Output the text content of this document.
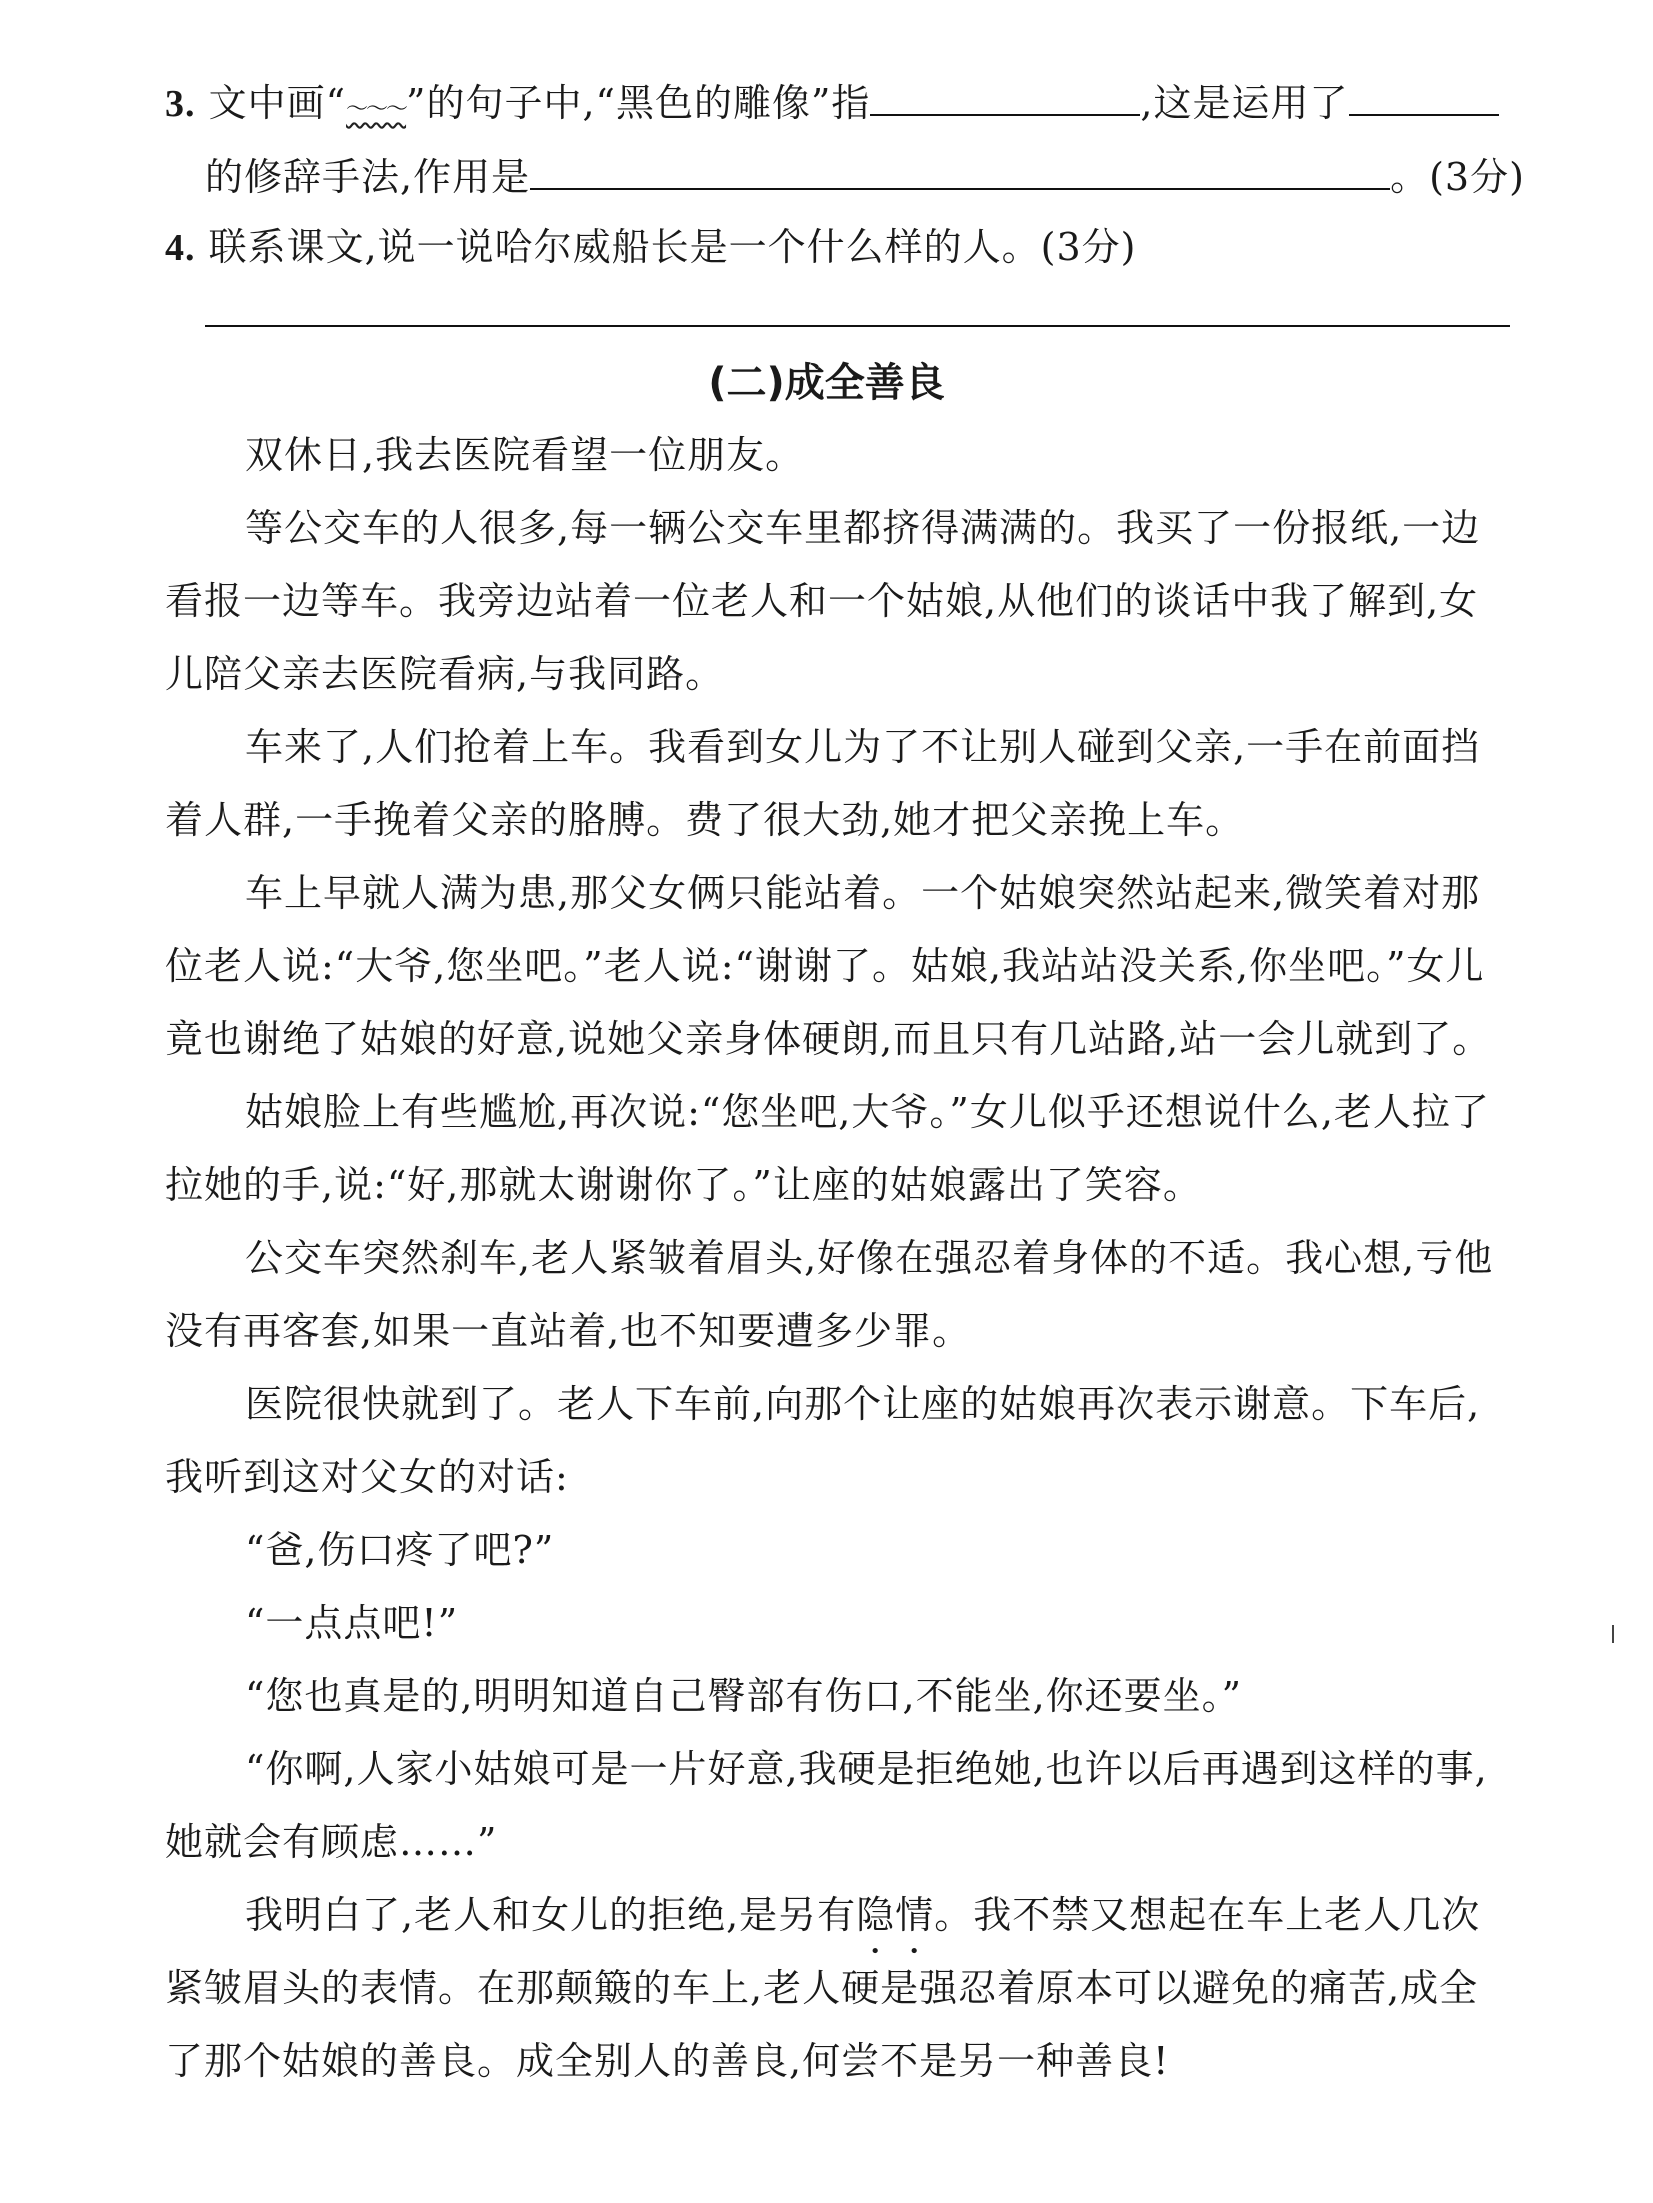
3. 文中画“～～～”的句子中,“黑色的雕像”指	,这是运用了
的修辞手法,作用是	。(3分)
4. 联系课文,说一说哈尔威船长是一个什么样的人。(3分)
(二)成全善良
双休日,我去医院看望一位朋友。
等公交车的人很多,每一辆公交车里都挤得满满的。我买了一份报纸,一边
看报一边等车。我旁边站着一位老人和一个姑娘,从他们的谈话中我了解到,女
儿陪父亲去医院看病,与我同路。
车来了,人们抢着上车。我看到女儿为了不让别人碰到父亲,一手在前面挡
着人群,一手挽着父亲的胳膊。费了很大劲,她才把父亲挽上车。
车上早就人满为患,那父女俩只能站着。一个姑娘突然站起来,微笑着对那
位老人说:“大爷,您坐吧。”老人说:“谢谢了。姑娘,我站站没关系,你坐吧。”女儿
竟也谢绝了姑娘的好意,说她父亲身体硬朗,而且只有几站路,站一会儿就到了。
姑娘脸上有些尴尬,再次说:“您坐吧,大爷。”女儿似乎还想说什么,老人拉了
拉她的手,说:“好,那就太谢谢你了。”让座的姑娘露出了笑容。
公交车突然刹车,老人紧皱着眉头,好像在强忍着身体的不适。我心想,亏他
没有再客套,如果一直站着,也不知要遭多少罪。
医院很快就到了。老人下车前,向那个让座的姑娘再次表示谢意。下车后,
我听到这对父女的对话:
“爸,伤口疼了吧?”
“一点点吧!”
“您也真是的,明明知道自己臀部有伤口,不能坐,你还要坐。”
“你啊,人家小姑娘可是一片好意,我硬是拒绝她,也许以后再遇到这样的事,
她就会有顾虑……”
我明白了,老人和女儿的拒绝,是另有隐情。我不禁又想起在车上老人几次
紧皱眉头的表情。在那颠簸的车上,老人硬是强忍着原本可以避免的痛苦,成全
了那个姑娘的善良。成全别人的善良,何尝不是另一种善良!
